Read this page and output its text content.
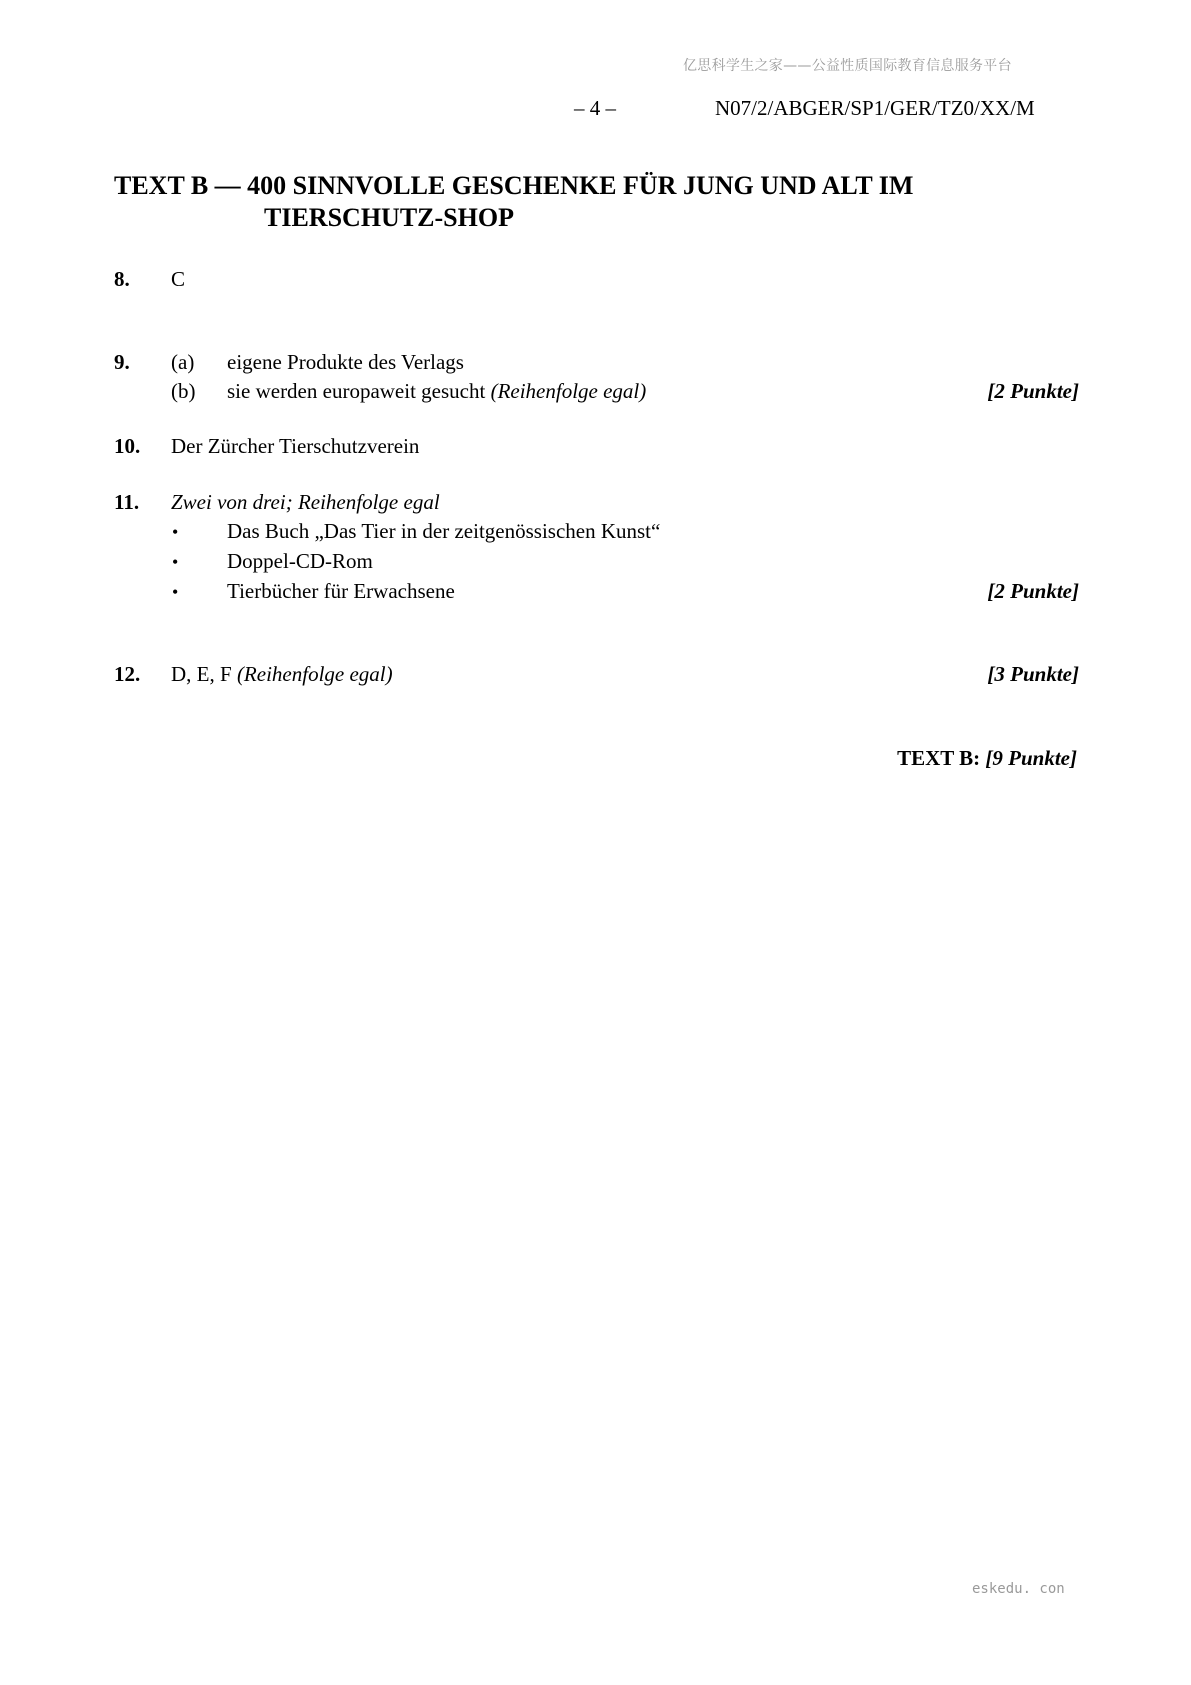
亿思科学生之家——公益性质国际教育信息服务平台
– 4 –	N07/2/ABGER/SP1/GER/TZ0/XX/M
TEXT B — 400 SINNVOLLE GESCHENKE FÜR JUNG UND ALT IM
TIERSCHUTZ-SHOP
8. C
9. (a) eigene Produkte des Verlags
(b) sie werden europaweit gesucht (Reihenfolge egal)	[2 Punkte]
10. Der Zürcher Tierschutzverein
11. Zwei von drei; Reihenfolge egal
• Das Buch „Das Tier in der zeitgenössischen Kunst“
• Doppel-CD-Rom
• Tierbücher für Erwachsene	[2 Punkte]
12. D, E, F (Reihenfolge egal)	[3 Punkte]
TEXT B: [9 Punkte]
eskedu. con
